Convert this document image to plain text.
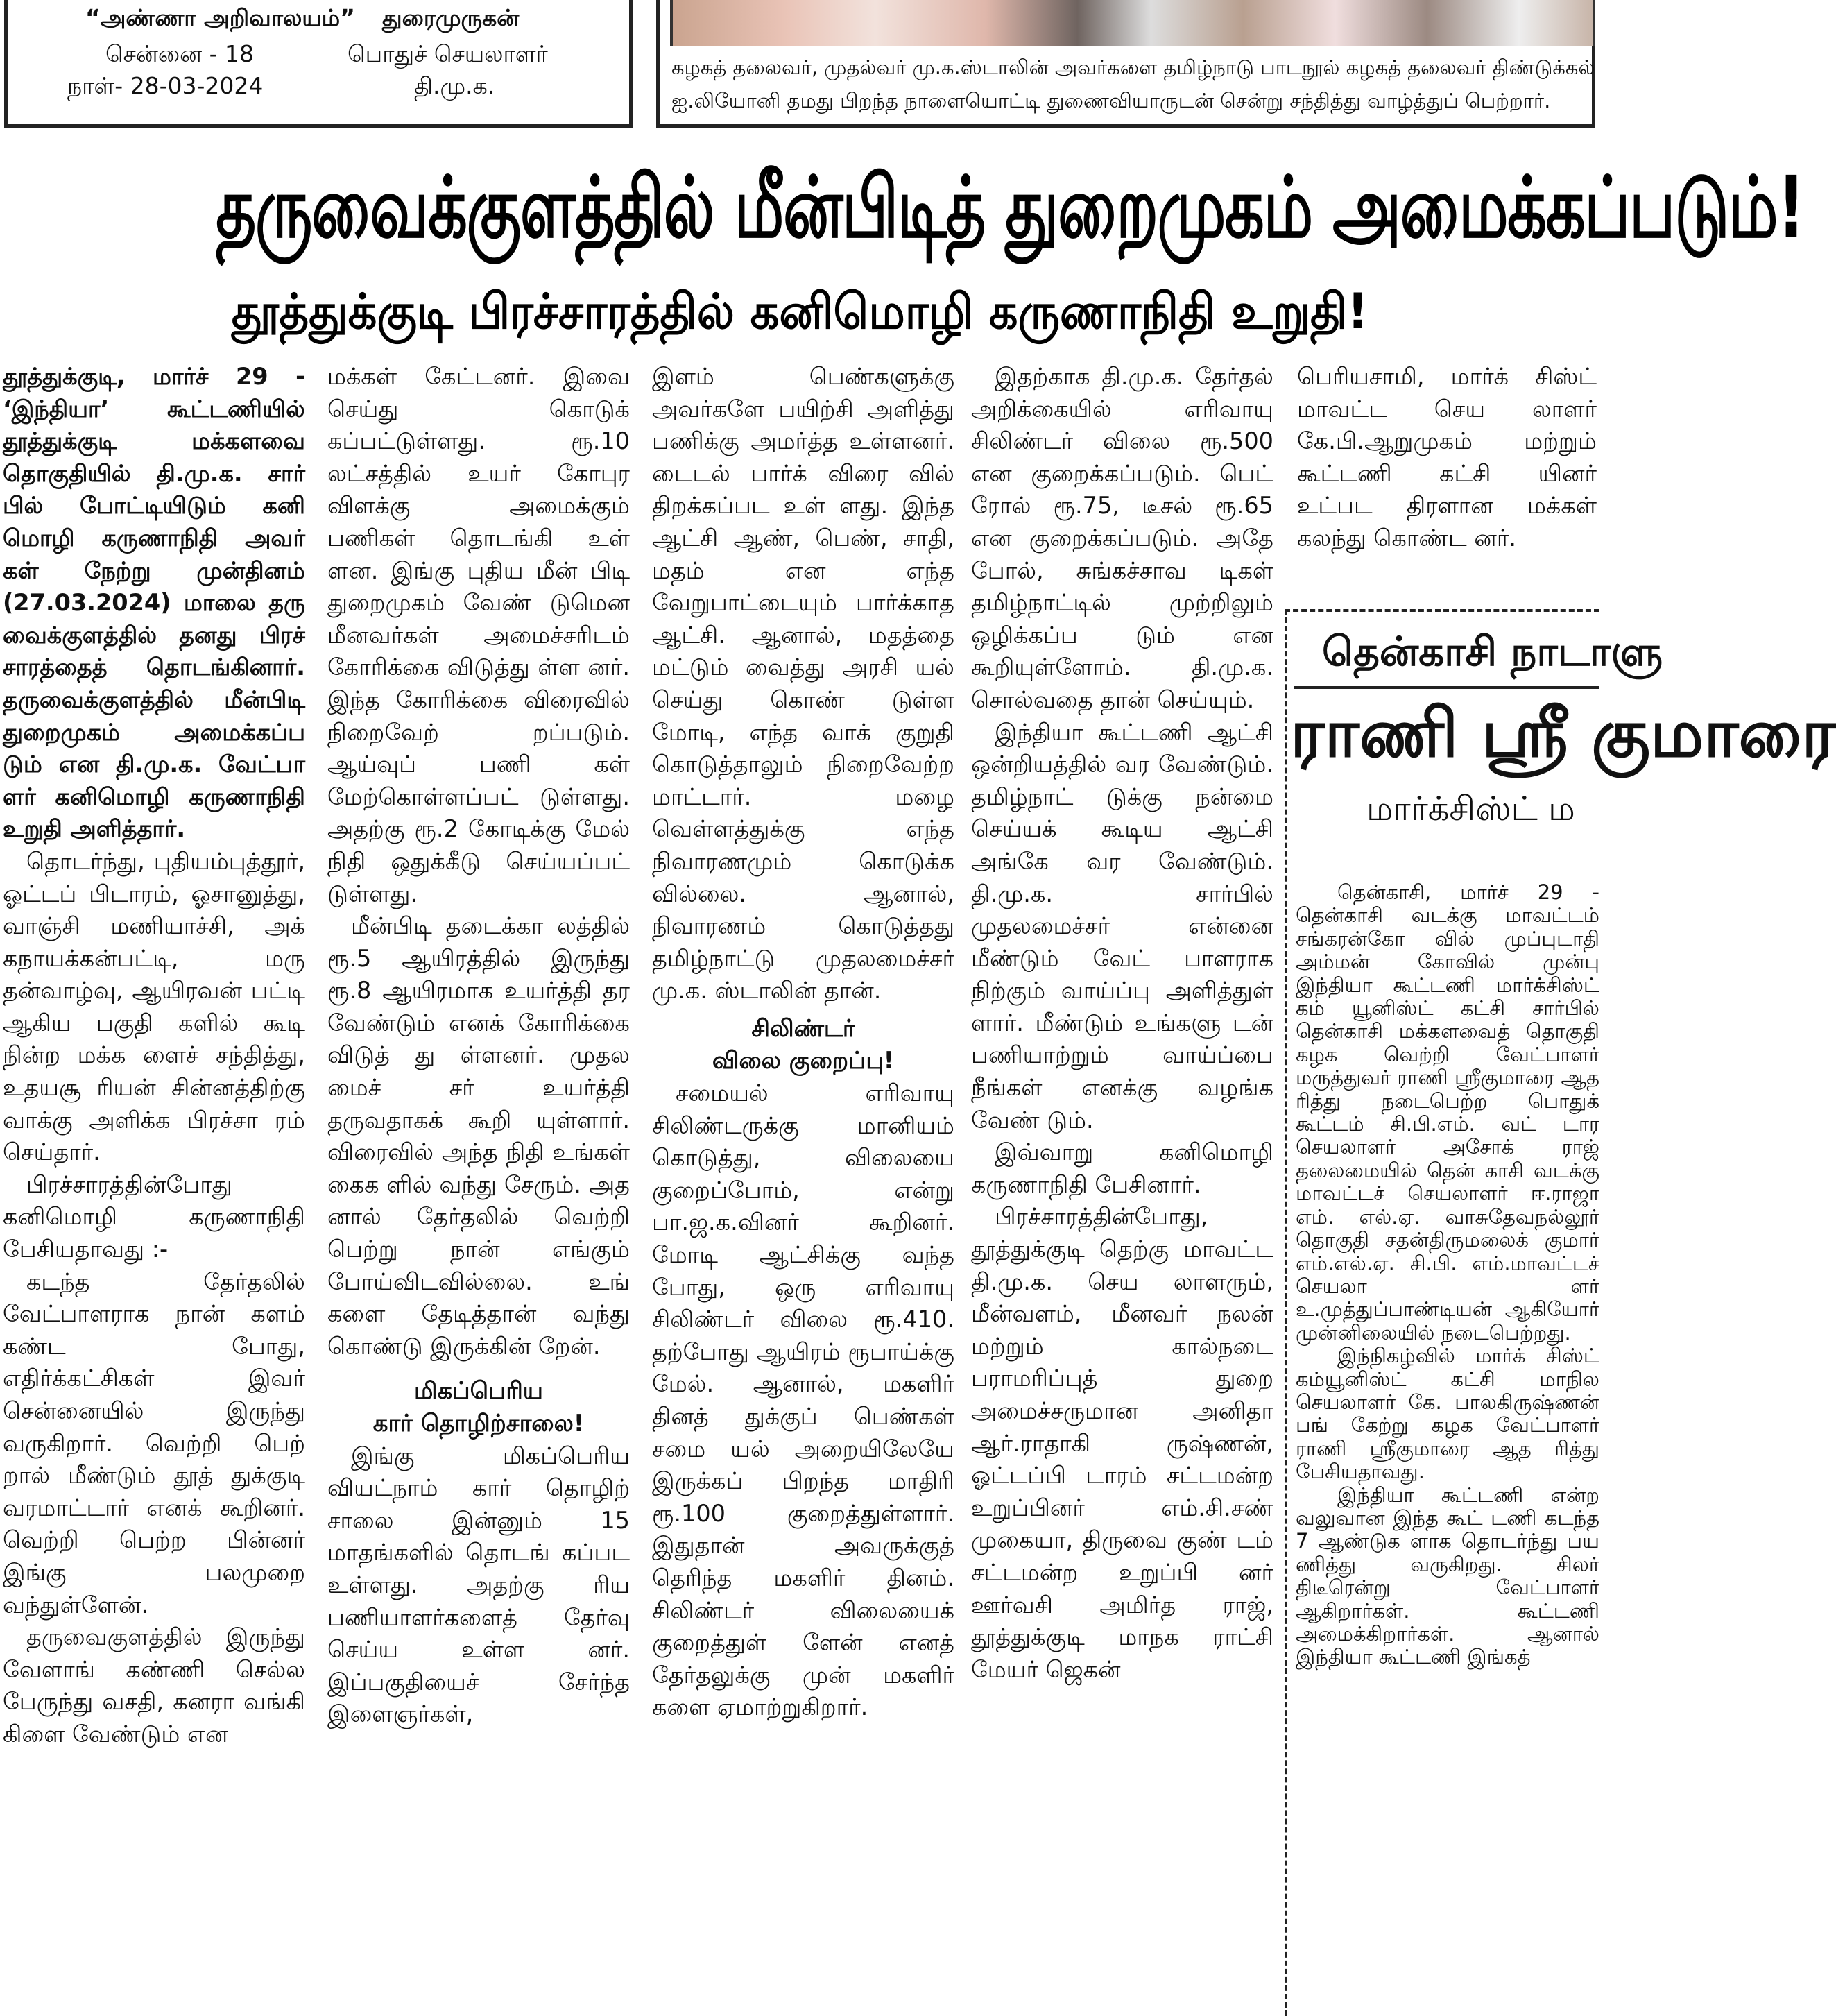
“அண்ணா அறிவாலயம்”
சென்னை - 18
நாள்- 28-03-2024
துரைமுருகன்
பொதுச் செயலாளர்
தி.மு.க.
கழகத் தலைவர், முதல்வர் மு.க.ஸ்டாலின் அவர்களை தமிழ்நாடு பாடநூல் கழகத் தலைவர் திண்டுக்கல்
ஐ.லியோனி தமது பிறந்த நாளையொட்டி துணைவியாருடன் சென்று சந்தித்து வாழ்த்துப் பெற்றார்.
தருவைக்குளத்தில் மீன்பிடித் துறைமுகம் அமைக்கப்படும்!
தூத்துக்குடி பிரச்சாரத்தில் கனிமொழி கருணாநிதி உறுதி!
தூத்துக்குடி, மார்ச் 29 - ‘இந்தியா’ கூட்டணியில் தூத்துக்குடி மக்களவை தொகுதியில் தி.மு.க. சார் பில் போட்டியிடும் கனி மொழி கருணாநிதி அவர் கள் நேற்று முன்தினம் (27.03.2024) மாலை தரு வைக்குளத்தில் தனது பிரச் சாரத்தைத் தொடங்கினார். தருவைக்குளத்தில் மீன்பிடி துறைமுகம் அமைக்கப்ப டும் என தி.மு.க. வேட்பா ளர் கனிமொழி கருணாநிதி உறுதி அளித்தார்.
தொடர்ந்து, புதியம்புத்தூர், ஓட்டப் பிடாரம், ஓசானுத்து, வாஞ்சி மணியாச்சி, அக் கநாயக்கன்பட்டி, மரு தன்வாழ்வு, ஆயிரவன் பட்டி ஆகிய பகுதி களில் கூடி நின்ற மக்க ளைச் சந்தித்து, உதயசூ ரியன் சின்னத்திற்கு வாக்கு அளிக்க பிரச்சா ரம் செய்தார்.
பிரச்சாரத்தின்போது கனிமொழி கருணாநிதி பேசியதாவது :-
கடந்த தேர்தலில் வேட்பாளராக நான் களம் கண்ட போது, எதிர்க்கட்சிகள் இவர் சென்னையில் இருந்து வருகிறார். வெற்றி பெற் றால் மீண்டும் தூத் துக்குடி வரமாட்டார் எனக் கூறினர். வெற்றி பெற்ற பின்னர் இங்கு பலமுறை வந்துள்ளேன்.
தருவைகுளத்தில் இருந்து வேளாங் கண்ணி செல்ல பேருந்து வசதி, கனரா வங்கி கிளை வேண்டும் என
மக்கள் கேட்டனர். இவை செய்து கொடுக் கப்பட்டுள்ளது. ரூ.10 லட்சத்தில் உயர் கோபுர விளக்கு அமைக்கும் பணிகள் தொடங்கி உள் ளன. இங்கு புதிய மீன் பிடி துறைமுகம் வேண் டுமென மீனவர்கள் அமைச்சரிடம் கோரிக்கை விடுத்து ள்ள னர். இந்த கோரிக்கை விரைவில் நிறைவேற் றப்படும். ஆய்வுப் பணி கள் மேற்கொள்ளப்பட் டுள்ளது. அதற்கு ரூ.2 கோடிக்கு மேல் நிதி ஒதுக்கீடு செய்யப்பட் டுள்ளது.
மீன்பிடி தடைக்கா லத்தில் ரூ.5 ஆயிரத்தில் இருந்து ரூ.8 ஆயிரமாக உயர்த்தி தர வேண்டும் எனக் கோரிக்கை விடுத் து ள்ளனர். முதல மைச் சர் உயர்த்தி தருவதாகக் கூறி யுள்ளார். விரைவில் அந்த நிதி உங்கள் கைக ளில் வந்து சேரும். அத னால் தேர்தலில் வெற்றி பெற்று நான் எங்கும் போய்விடவில்லை. உங் களை தேடித்தான் வந்து கொண்டு இருக்கின் றேன்.
மிகப்பெரிய
கார் தொழிற்சாலை!
இங்கு மிகப்பெரிய வியட்நாம் கார் தொழிற் சாலை இன்னும் 15 மாதங்களில் தொடங் கப்பட உள்ளது. அதற்கு ரிய பணியாளர்களைத் தேர்வு செய்ய உள்ள னர். இப்பகுதியைச் சேர்ந்த இளைஞர்கள்,
இளம் பெண்களுக்கு அவர்களே பயிற்சி அளித்து பணிக்கு அமர்த்த உள்ளனர். டைடல் பார்க் விரை வில் திறக்கப்பட உள் ளது. இந்த ஆட்சி ஆண், பெண், சாதி, மதம் என எந்த வேறுபாட்டையும் பார்க்காத ஆட்சி. ஆனால், மதத்தை மட்டும் வைத்து அரசி யல் செய்து கொண் டுள்ள மோடி, எந்த வாக் குறுதி கொடுத்தாலும் நிறைவேற்ற மாட்டார். மழை வெள்ளத்துக்கு எந்த நிவாரணமும் கொடுக்க வில்லை. ஆனால், நிவாரணம் கொடுத்தது தமிழ்நாட்டு முதலமைச்சர் மு.க. ஸ்டாலின் தான்.
சிலிண்டர்
விலை குறைப்பு!
சமையல் எரிவாயு சிலிண்டருக்கு மானியம் கொடுத்து, விலையை குறைப்போம், என்று பா.ஜ.க.வினர் கூறினர். மோடி ஆட்சிக்கு வந்த போது, ஒரு எரிவாயு சிலிண்டர் விலை ரூ.410. தற்போது ஆயிரம் ரூபாய்க்கு மேல். ஆனால், மகளிர் தினத் துக்குப் பெண்கள் சமை யல் அறையிலேயே இருக்கப் பிறந்த மாதிரி ரூ.100 குறைத்துள்ளார். இதுதான் அவருக்குத் தெரிந்த மகளிர் தினம். சிலிண்டர் விலையைக் குறைத்துள் ளேன் எனத் தேர்தலுக்கு முன் மகளிர் களை ஏமாற்றுகிறார்.
இதற்காக தி.மு.க. தேர்தல் அறிக்கையில் எரிவாயு சிலிண்டர் விலை ரூ.500 என குறைக்கப்படும். பெட் ரோல் ரூ.75, டீசல் ரூ.65 என குறைக்கப்படும். அதே போல், சுங்கச்சாவ டிகள் தமிழ்நாட்டில் முற்றிலும் ஒழிக்கப்ப டும் என கூறியுள்ளோம். தி.மு.க. சொல்வதை தான் செய்யும்.
இந்தியா கூட்டணி ஆட்சி ஒன்றியத்தில் வர வேண்டும். தமிழ்நாட் டுக்கு நன்மை செய்யக் கூடிய ஆட்சி அங்கே வர வேண்டும். தி.மு.க. சார்பில் முதலமைச்சர் என்னை மீண்டும் வேட் பாளராக நிற்கும் வாய்ப்பு அளித்துள் ளார். மீண்டும் உங்களு டன் பணியாற்றும் வாய்ப்பை நீங்கள் எனக்கு வழங்க வேண் டும்.
இவ்வாறு கனிமொழி கருணாநிதி பேசினார்.
பிரச்சாரத்தின்போது, தூத்துக்குடி தெற்கு மாவட்ட தி.மு.க. செய லாளரும், மீன்வளம், மீனவர் நலன் மற்றும் கால்நடை பராமரிப்புத் துறை அமைச்சருமான அனிதா ஆர்.ராதாகி ருஷ்ணன், ஓட்டப்பி டாரம் சட்டமன்ற உறுப்பினர் எம்.சி.சண் முகையா, திருவை குண் டம் சட்டமன்ற உறுப்பி னர் ஊர்வசி அமிர்த ராஜ், தூத்துக்குடி மாநக ராட்சி மேயர் ஜெகன்
பெரியசாமி, மார்க் சிஸ்ட் மாவட்ட செய லாளர் கே.பி.ஆறுமுகம் மற்றும் கூட்டணி கட்சி யினர் உட்பட திரளான மக்கள் கலந்து கொண்ட னர்.
தென்காசி நாடாளு
ராணி ஸ்ரீ குமாரை
மார்க்சிஸ்ட் ம
தென்காசி, மார்ச் 29 - தென்காசி வடக்கு மாவட்டம் சங்கரன்கோ வில் முப்புடாதி அம்மன் கோவில் முன்பு இந்தியா கூட்டணி மார்க்சிஸ்ட் கம் யூனிஸ்ட் கட்சி சார்பில் தென்காசி மக்களவைத் தொகுதி கழக வெற்றி வேட்பாளர் மருத்துவர் ராணி ஸ்ரீகுமாரை ஆத ரித்து நடைபெற்ற பொதுக் கூட்டம் சி.பி.எம். வட் டார செயலாளர் அசோக் ராஜ் தலைமையில் தென் காசி வடக்கு மாவட்டச் செயலாளர் ஈ.ராஜா எம். எல்.ஏ. வாசுதேவநல்லூர் தொகுதி சதன்திருமலைக் குமார் எம்.எல்.ஏ. சி.பி. எம்.மாவட்டச் செயலா ளர் உ.முத்துப்பாண்டியன் ஆகியோர் முன்னிலையில் நடைபெற்றது.
இந்நிகழ்வில் மார்க் சிஸ்ட் கம்யூனிஸ்ட் கட்சி மாநில செயலாளர் கே. பாலகிருஷ்ணன் பங் கேற்று கழக வேட்பாளர் ராணி ஸ்ரீகுமாரை ஆத ரித்து பேசியதாவது.
இந்தியா கூட்டணி என்ற வலுவான இந்த கூட் டணி கடந்த 7 ஆண்டுக ளாக தொடர்ந்து பய ணித்து வருகிறது. சிலர் திடீரென்று வேட்பாளர் ஆகிறார்கள். கூட்டணி அமைக்கிறார்கள். ஆனால் இந்தியா கூட்டணி இங்கத்
